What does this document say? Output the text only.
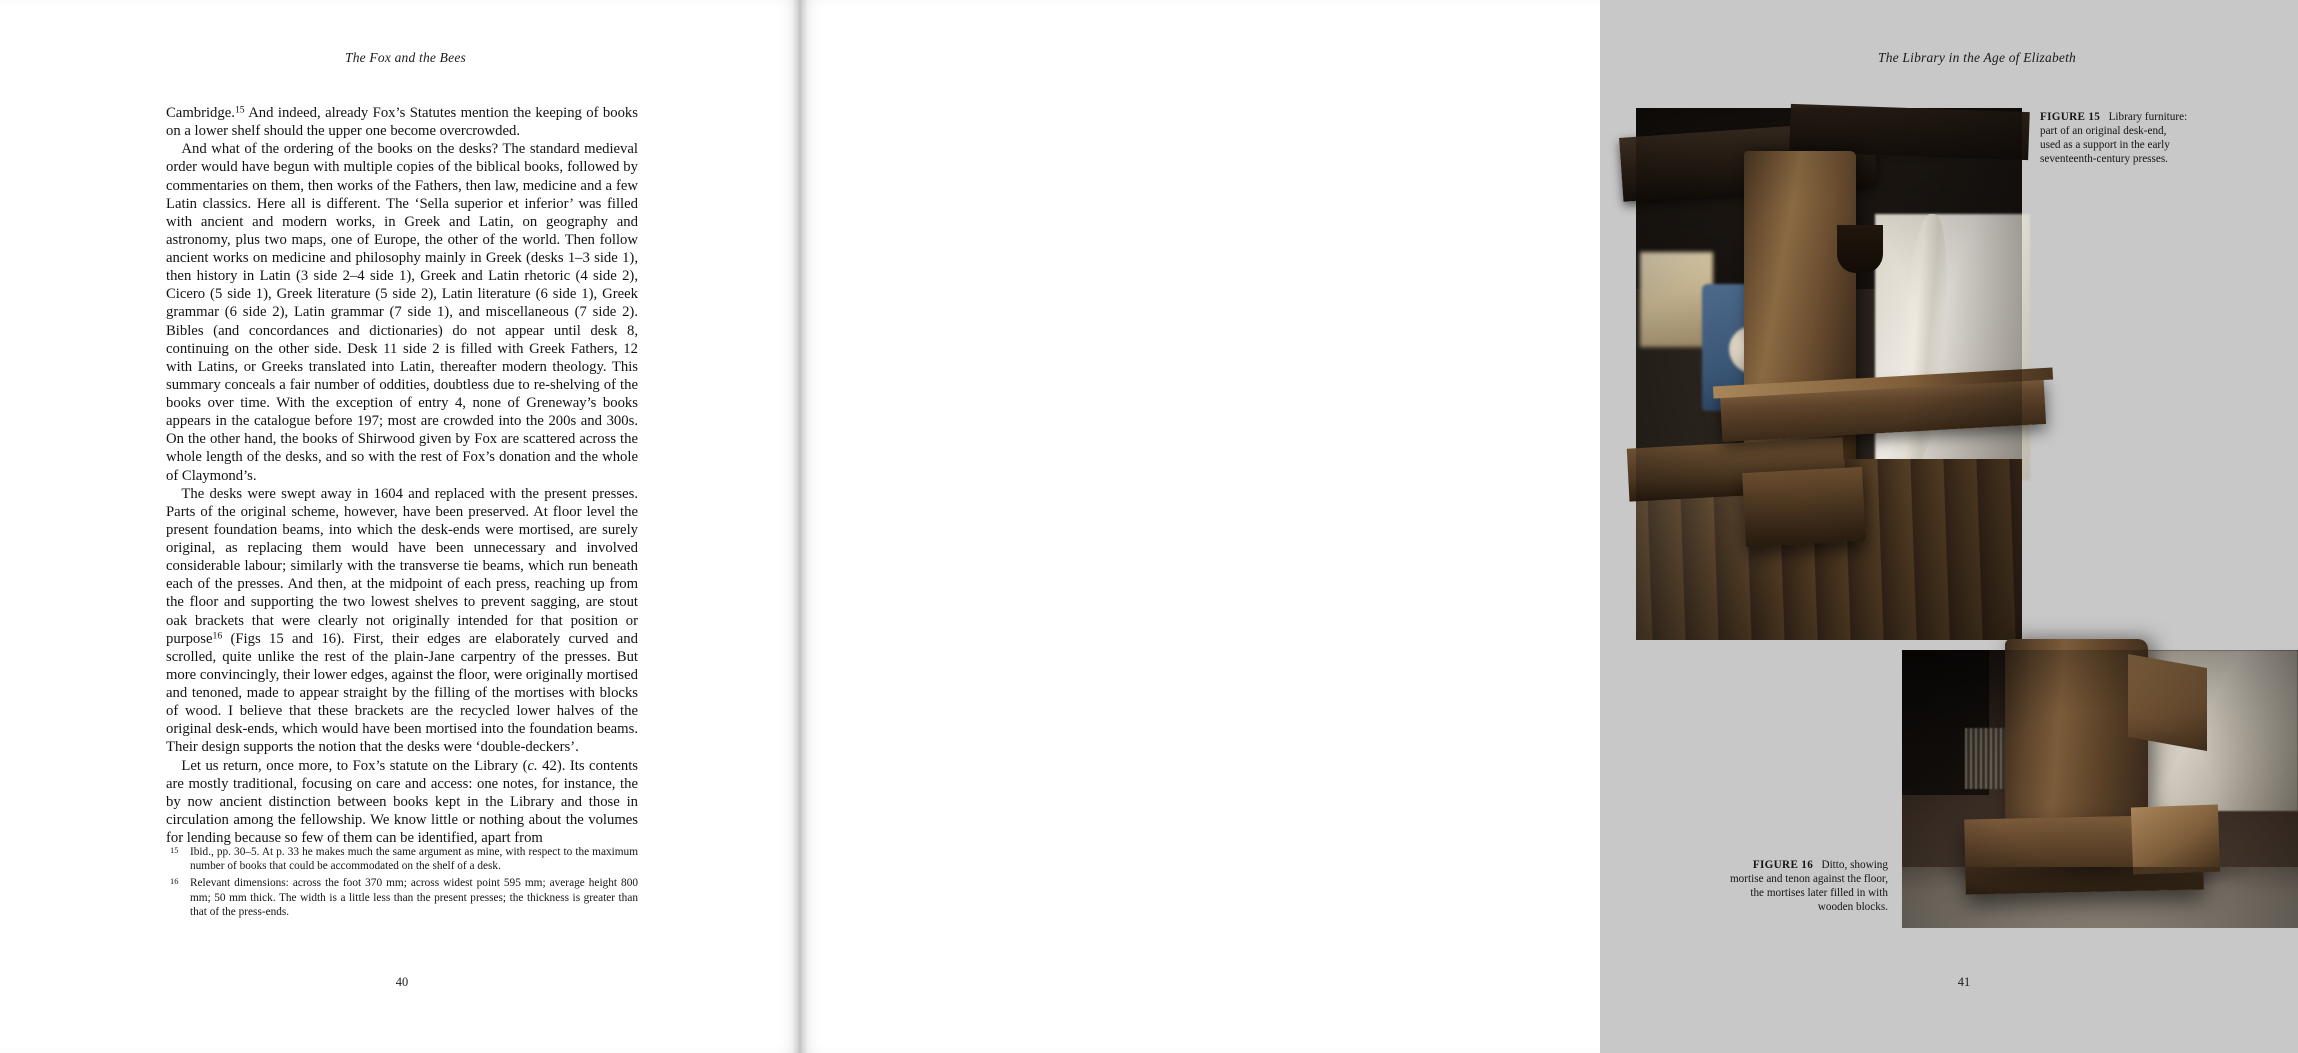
The Fox and the Bees

Cambridge.$^{15}$ And indeed, already Fox’s Statutes mention the keeping of books on a lower shelf should the upper one become overcrowded.

And what of the ordering of the books on the desks? The standard medieval order would have begun with multiple copies of the biblical books, followed by commentaries on them, then works of the Fathers, then law, medicine and a few Latin classics. Here all is different. The ‘Sella superior et inferior’ was filled with ancient and modern works, in Greek and Latin, on geography and astronomy, plus two maps, one of Europe, the other of the world. Then follow ancient works on medicine and philosophy mainly in Greek (desks 1–3 side 1), then history in Latin (3 side 2–4 side 1), Greek and Latin rhetoric (4 side 2), Cicero (5 side 1), Greek literature (5 side 2), Latin literature (6 side 1), Greek grammar (6 side 2), Latin grammar (7 side 1), and miscellaneous (7 side 2). Bibles (and concordances and dictionaries) do not appear until desk 8, continuing on the other side. Desk 11 side 2 is filled with Greek Fathers, 12 with Latins, or Greeks translated into Latin, thereafter modern theology. This summary conceals a fair number of oddities, doubtless due to re-shelving of the books over time. With the exception of entry 4, none of Greneway’s books appears in the catalogue before 197; most are crowded into the 200s and 300s. On the other hand, the books of Shirwood given by Fox are scattered across the whole length of the desks, and so with the rest of Fox’s donation and the whole of Claymond’s.

The desks were swept away in 1604 and replaced with the present presses. Parts of the original scheme, however, have been preserved. At floor level the present foundation beams, into which the desk-ends were mortised, are surely original, as replacing them would have been unnecessary and involved considerable labour; similarly with the transverse tie beams, which run beneath each of the presses. And then, at the midpoint of each press, reaching up from the floor and supporting the two lowest shelves to prevent sagging, are stout oak brackets that were clearly not originally intended for that position or purpose$^{16}$ (Figs 15 and 16). First, their edges are elaborately curved and scrolled, quite unlike the rest of the plain-Jane carpentry of the presses. But more convincingly, their lower edges, against the floor, were originally mortised and tenoned, made to appear straight by the filling of the mortises with blocks of wood. I believe that these brackets are the recycled lower halves of the original desk-ends, which would have been mortised into the foundation beams. Their design supports the notion that the desks were ‘double-deckers’.

Let us return, once more, to Fox’s statute on the Library (c. 42). Its contents are mostly traditional, focusing on care and access: one notes, for instance, the by now ancient distinction between books kept in the Library and those in circulation among the fellowship. We know little or nothing about the volumes for lending because so few of them can be identified, apart from

15 Ibid., pp. 30–5. At p. 33 he makes much the same argument as mine, with respect to the maximum number of books that could be accommodated on the shelf of a desk.
16 Relevant dimensions: across the foot 370 mm; across widest point 595 mm; average height 800 mm; 50 mm thick. The width is a little less than the present presses; the thickness is greater than that of the press-ends.
40
The Library in the Age of Elizabeth
FIGURE 15 Library furniture: part of an original desk-end, used as a support in the early seventeenth-century presses.
FIGURE 16 Ditto, showing mortise and tenon against the floor, the mortises later filled in with wooden blocks.
41
